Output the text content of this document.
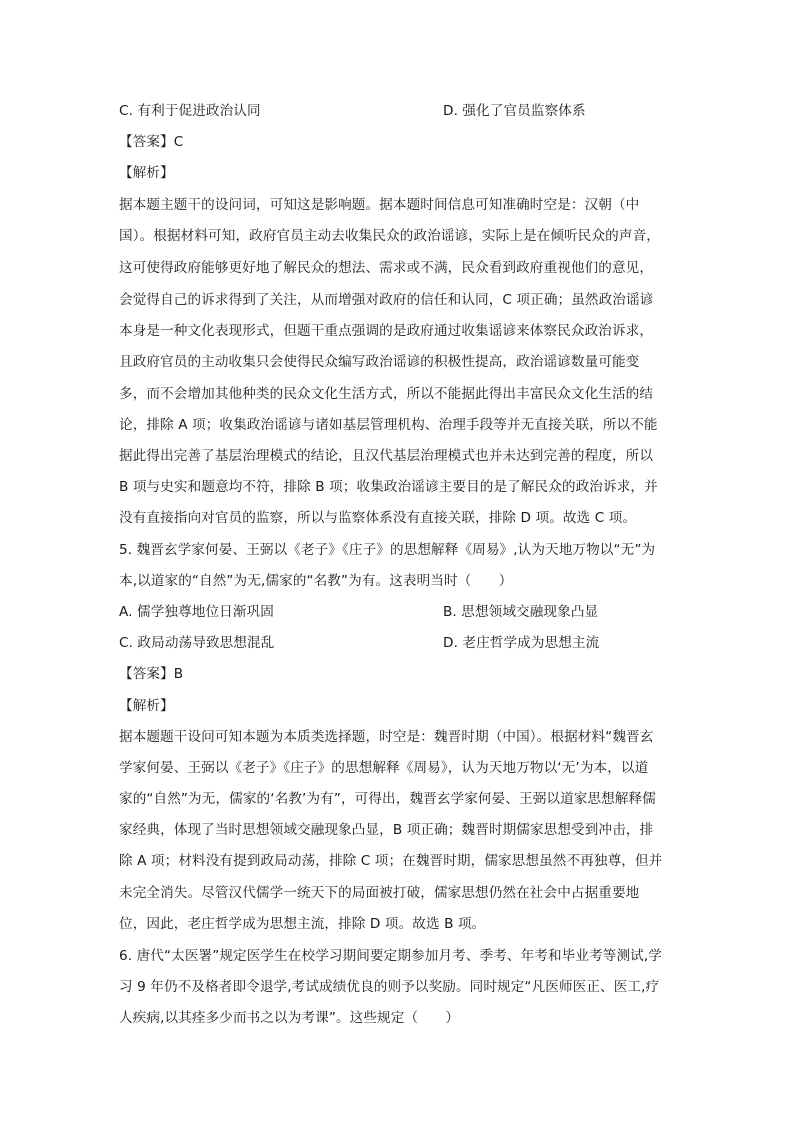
C. 有利于促进政治认同	D. 强化了官员监察体系
【答案】C
【解析】
据本题主题干的设问词，可知这是影响题。据本题时间信息可知准确时空是：汉朝（中
国）。根据材料可知，政府官员主动去收集民众的政治谣谚，实际上是在倾听民众的声音，
这可使得政府能够更好地了解民众的想法、需求或不满，民众看到政府重视他们的意见，
会觉得自己的诉求得到了关注，从而增强对政府的信任和认同，C 项正确；虽然政治谣谚
本身是一种文化表现形式，但题干重点强调的是政府通过收集谣谚来体察民众政治诉求，
且政府官员的主动收集只会使得民众编写政治谣谚的积极性提高，政治谣谚数量可能变
多，而不会增加其他种类的民众文化生活方式，所以不能据此得出丰富民众文化生活的结
论，排除 A 项；收集政治谣谚与诸如基层管理机构、治理手段等并无直接关联，所以不能
据此得出完善了基层治理模式的结论，且汉代基层治理模式也并未达到完善的程度，所以
B 项与史实和题意均不符，排除 B 项；收集政治谣谚主要目的是了解民众的政治诉求，并
没有直接指向对官员的监察，所以与监察体系没有直接关联，排除 D 项。故选 C 项。
5. 魏晋玄学家何晏、王弼以《老子》《庄子》的思想解释《周易》,认为天地万物以“无”为
本,以道家的“自然”为无,儒家的“名教”为有。这表明当时（　　）
A. 儒学独尊地位日渐巩固	B. 思想领域交融现象凸显
C. 政局动荡导致思想混乱	D. 老庄哲学成为思想主流
【答案】B
【解析】
据本题题干设问可知本题为本质类选择题，时空是：魏晋时期（中国）。根据材料“魏晋玄
学家何晏、王弼以《老子》《庄子》的思想解释《周易》，认为天地万物以‘无’为本，以道
家的“自然”为无，儒家的‘名教’为有”，可得出，魏晋玄学家何晏、王弼以道家思想解释儒
家经典，体现了当时思想领域交融现象凸显，B 项正确；魏晋时期儒家思想受到冲击，排
除 A 项；材料没有提到政局动荡，排除 C 项；在魏晋时期，儒家思想虽然不再独尊，但并
未完全消失。尽管汉代儒学一统天下的局面被打破，儒家思想仍然在社会中占据重要地
位，因此，老庄哲学成为思想主流，排除 D 项。故选 B 项。
6. 唐代“太医署”规定医学生在校学习期间要定期参加月考、季考、年考和毕业考等测试,学
习 9 年仍不及格者即令退学,考试成绩优良的则予以奖励。同时规定“凡医师医正、医工,疗
人疾病,以其痊多少而书之以为考课”。这些规定（　　）
